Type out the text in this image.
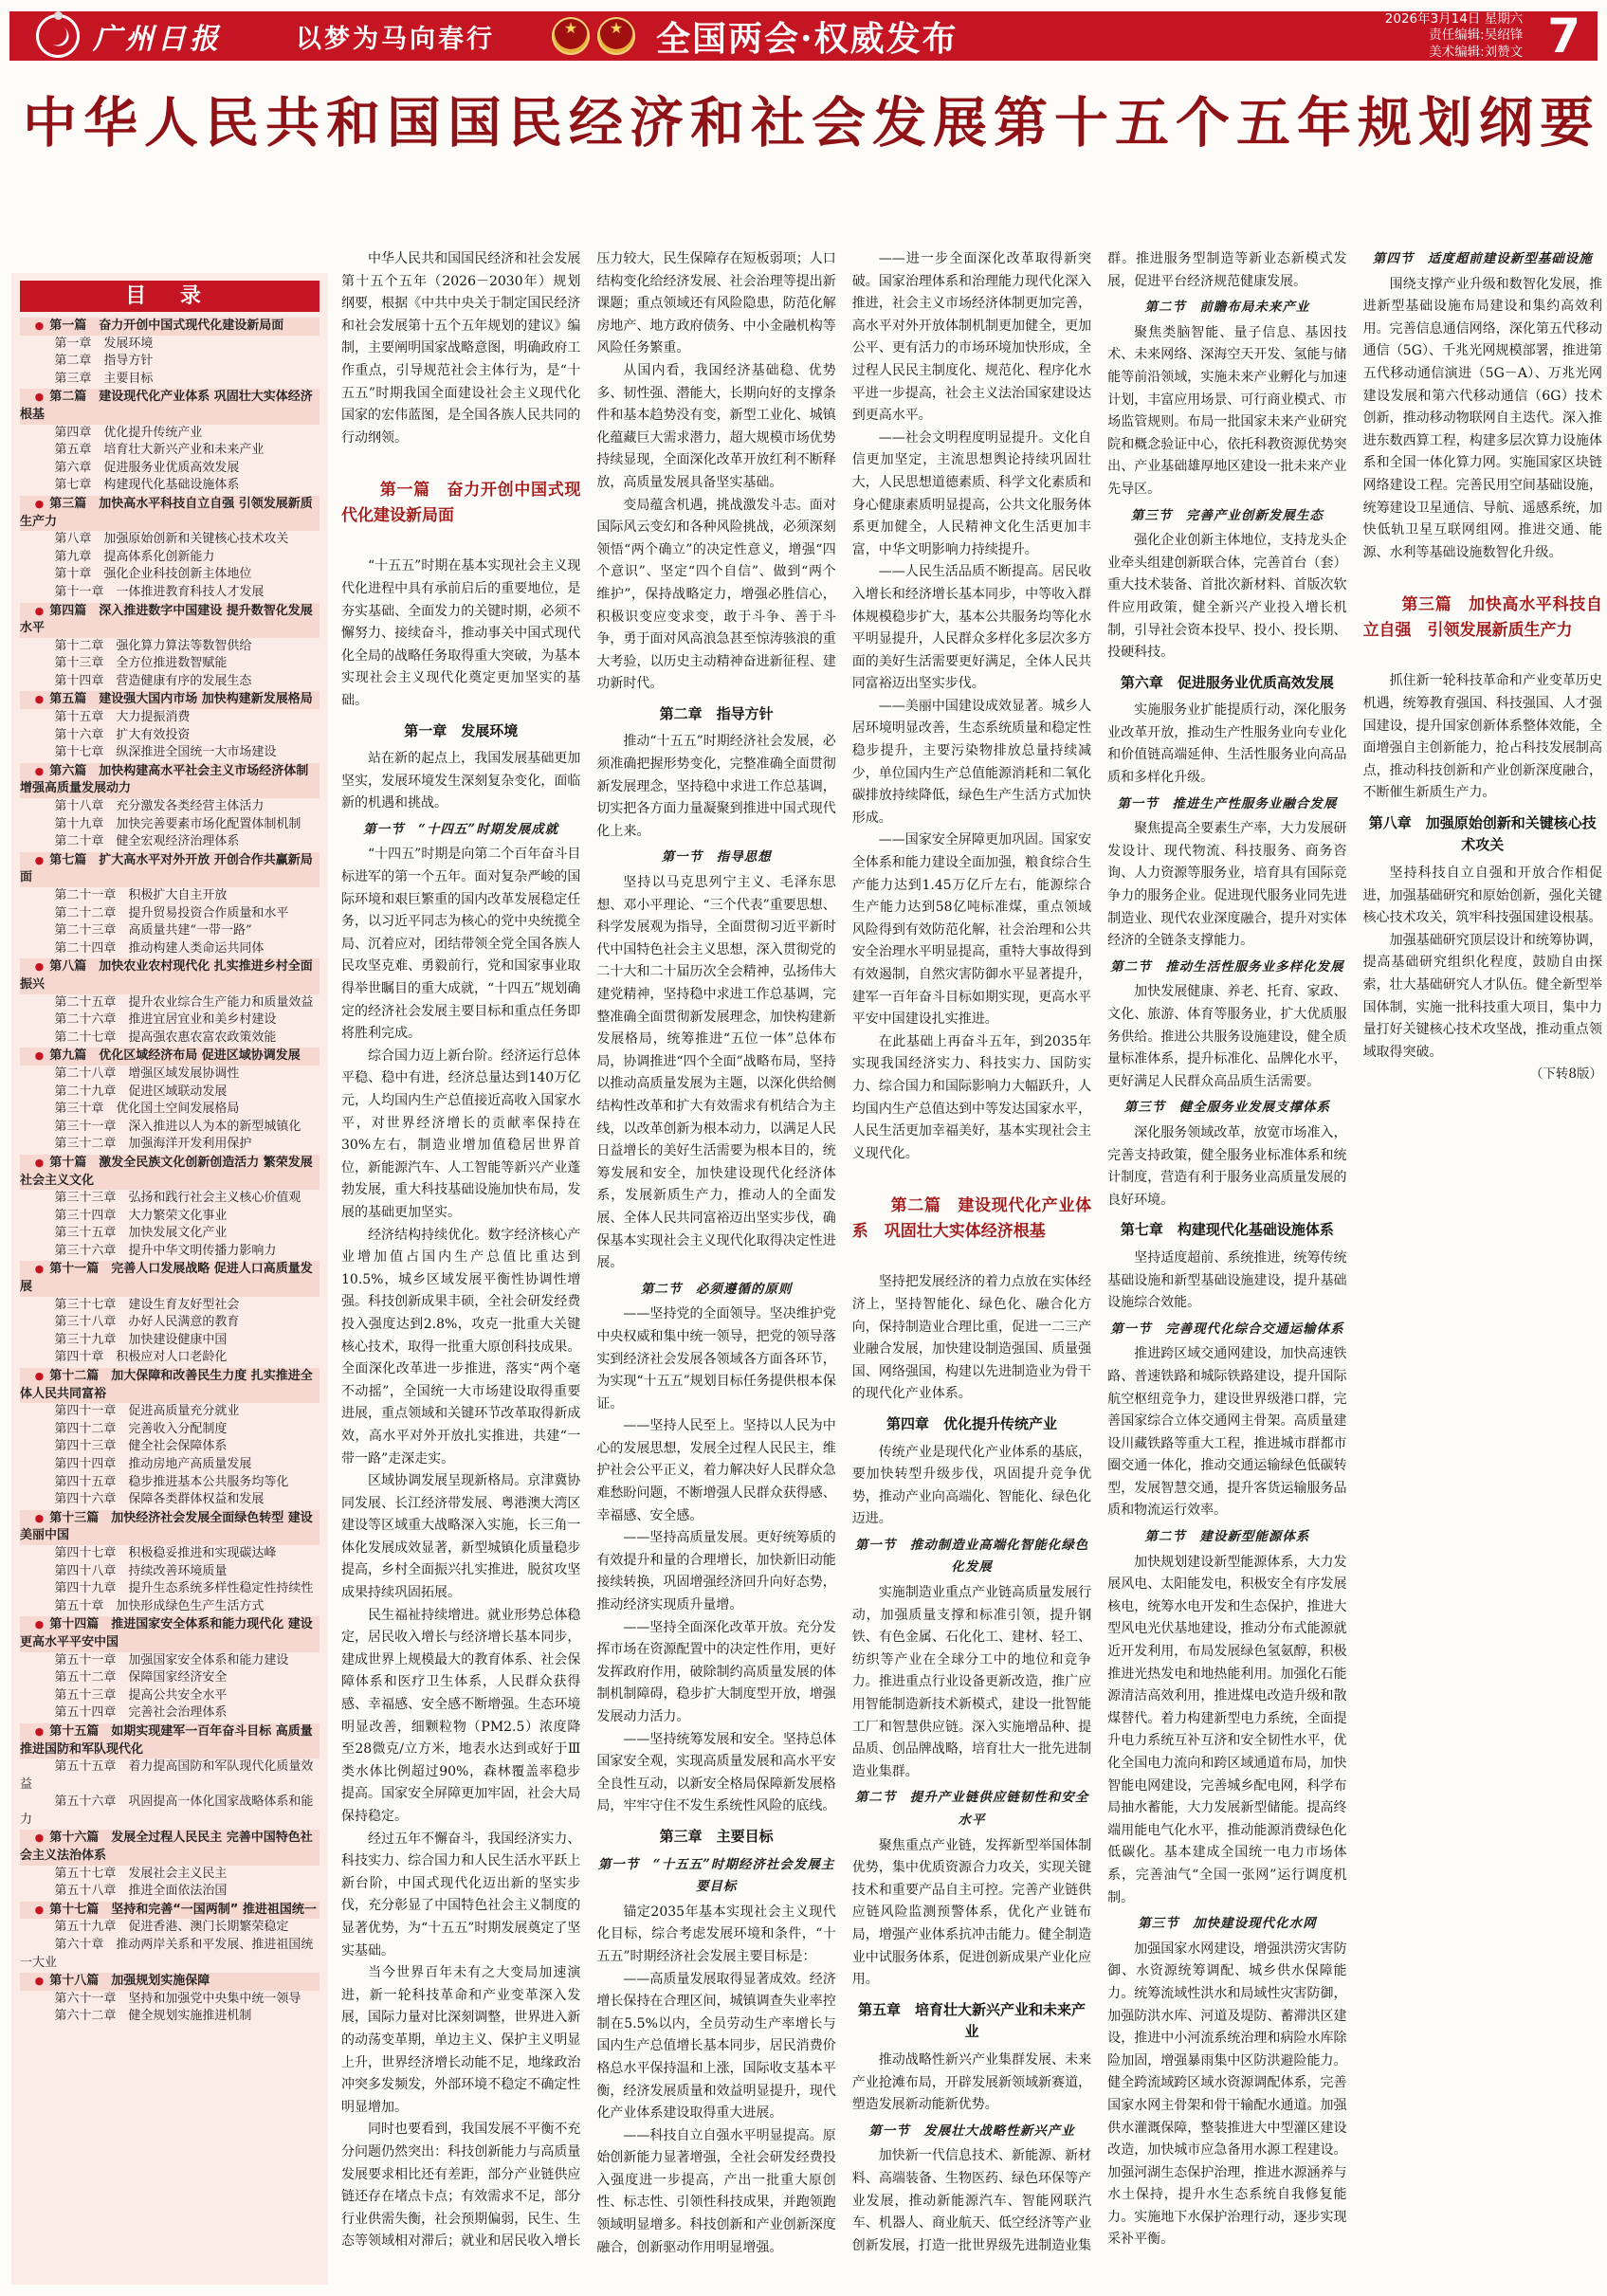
广州日报	以梦为马向春行 ★ ★	全国两会·权威发布	2026年3月14日 星期六
责任编辑:吴绍锋
美术编辑:刘赞文 7
中华人民共和国国民经济和社会发展第十五个五年规划纲要
目 录
● 第一篇　奋力开创中国式现代化建设新局面
第一章　发展环境
第二章　指导方针
第三章　主要目标
● 第二篇　建设现代化产业体系 巩固壮大实体经济根基
第四章　优化提升传统产业
第五章　培育壮大新兴产业和未来产业
第六章　促进服务业优质高效发展
第七章　构建现代化基础设施体系
● 第三篇　加快高水平科技自立自强 引领发展新质生产力
第八章　加强原始创新和关键核心技术攻关
第九章　提高体系化创新能力
第十章　强化企业科技创新主体地位
第十一章　一体推进教育科技人才发展
● 第四篇　深入推进数字中国建设 提升数智化发展水平
第十二章　强化算力算法等数智供给
第十三章　全方位推进数智赋能
第十四章　营造健康有序的发展生态
● 第五篇　建设强大国内市场 加快构建新发展格局
第十五章　大力提振消费
第十六章　扩大有效投资
第十七章　纵深推进全国统一大市场建设
● 第六篇　加快构建高水平社会主义市场经济体制 增强高质量发展动力
第十八章　充分激发各类经营主体活力
第十九章　加快完善要素市场化配置体制机制
第二十章　健全宏观经济治理体系
● 第七篇　扩大高水平对外开放 开创合作共赢新局面
第二十一章　积极扩大自主开放
第二十二章　提升贸易投资合作质量和水平
第二十三章　高质量共建“一带一路”
第二十四章　推动构建人类命运共同体
● 第八篇　加快农业农村现代化 扎实推进乡村全面振兴
第二十五章　提升农业综合生产能力和质量效益
第二十六章　推进宜居宜业和美乡村建设
第二十七章　提高强农惠农富农政策效能
● 第九篇　优化区域经济布局 促进区域协调发展
第二十八章　增强区域发展协调性
第二十九章　促进区域联动发展
第三十章　优化国土空间发展格局
第三十一章　深入推进以人为本的新型城镇化
第三十二章　加强海洋开发利用保护
● 第十篇　激发全民族文化创新创造活力 繁荣发展社会主义文化
第三十三章　弘扬和践行社会主义核心价值观
第三十四章　大力繁荣文化事业
第三十五章　加快发展文化产业
第三十六章　提升中华文明传播力影响力
● 第十一篇　完善人口发展战略 促进人口高质量发展
第三十七章　建设生育友好型社会
第三十八章　办好人民满意的教育
第三十九章　加快建设健康中国
第四十章　积极应对人口老龄化
● 第十二篇　加大保障和改善民生力度 扎实推进全体人民共同富裕
第四十一章　促进高质量充分就业
第四十二章　完善收入分配制度
第四十三章　健全社会保障体系
第四十四章　推动房地产高质量发展
第四十五章　稳步推进基本公共服务均等化
第四十六章　保障各类群体权益和发展
● 第十三篇　加快经济社会发展全面绿色转型 建设美丽中国
第四十七章　积极稳妥推进和实现碳达峰
第四十八章　持续改善环境质量
第四十九章　提升生态系统多样性稳定性持续性
第五十章　加快形成绿色生产生活方式
● 第十四篇　推进国家安全体系和能力现代化 建设更高水平平安中国
第五十一章　加强国家安全体系和能力建设
第五十二章　保障国家经济安全
第五十三章　提高公共安全水平
第五十四章　完善社会治理体系
● 第十五篇　如期实现建军一百年奋斗目标 高质量推进国防和军队现代化
第五十五章　着力提高国防和军队现代化质量效益
第五十六章　巩固提高一体化国家战略体系和能力
● 第十六篇　发展全过程人民民主 完善中国特色社会主义法治体系
第五十七章　发展社会主义民主
第五十八章　推进全面依法治国
● 第十七篇　坚持和完善“一国两制” 推进祖国统一
第五十九章　促进香港、澳门长期繁荣稳定
第六十章　推动两岸关系和平发展、推进祖国统一大业
● 第十八篇　加强规划实施保障
第六十一章　坚持和加强党中央集中统一领导
第六十二章　健全规划实施推进机制

中华人民共和国国民经济和社会发展第十五个五年（2026－2030年）规划纲要，根据《中共中央关于制定国民经济和社会发展第十五个五年规划的建议》编制，主要阐明国家战略意图，明确政府工作重点，引导规范社会主体行为，是“十五五”时期我国全面建设社会主义现代化国家的宏伟蓝图，是全国各族人民共同的行动纲领。

第一篇　奋力开创中国式现代化建设新局面

“十五五”时期在基本实现社会主义现代化进程中具有承前启后的重要地位，是夯实基础、全面发力的关键时期，必须不懈努力、接续奋斗，推动事关中国式现代化全局的战略任务取得重大突破，为基本实现社会主义现代化奠定更加坚实的基础。

第一章　发展环境

站在新的起点上，我国发展基础更加坚实，发展环境发生深刻复杂变化，面临新的机遇和挑战。

第一节　“十四五”时期发展成就

“十四五”时期是向第二个百年奋斗目标进军的第一个五年。面对复杂严峻的国际环境和艰巨繁重的国内改革发展稳定任务，以习近平同志为核心的党中央统揽全局、沉着应对，团结带领全党全国各族人民攻坚克难、勇毅前行，党和国家事业取得举世瞩目的重大成就，“十四五”规划确定的经济社会发展主要目标和重点任务即将胜利完成。

综合国力迈上新台阶。经济运行总体平稳、稳中有进，经济总量达到140万亿元，人均国内生产总值接近高收入国家水平，对世界经济增长的贡献率保持在30%左右，制造业增加值稳居世界首位，新能源汽车、人工智能等新兴产业蓬勃发展，重大科技基础设施加快布局，发展的基础更加坚实。

经济结构持续优化。数字经济核心产业增加值占国内生产总值比重达到10.5%，城乡区域发展平衡性协调性增强。科技创新成果丰硕，全社会研发经费投入强度达到2.8%，攻克一批重大关键核心技术，取得一批重大原创科技成果。全面深化改革进一步推进，落实“两个毫不动摇”，全国统一大市场建设取得重要进展，重点领域和关键环节改革取得新成效，高水平对外开放扎实推进，共建“一带一路”走深走实。

区域协调发展呈现新格局。京津冀协同发展、长江经济带发展、粤港澳大湾区建设等区域重大战略深入实施，长三角一体化发展成效显著，新型城镇化质量稳步提高，乡村全面振兴扎实推进，脱贫攻坚成果持续巩固拓展。

民生福祉持续增进。就业形势总体稳定，居民收入增长与经济增长基本同步，建成世界上规模最大的教育体系、社会保障体系和医疗卫生体系，人民群众获得感、幸福感、安全感不断增强。生态环境明显改善，细颗粒物（PM2.5）浓度降至28微克/立方米，地表水达到或好于Ⅲ类水体比例超过90%，森林覆盖率稳步提高。国家安全屏障更加牢固，社会大局保持稳定。

经过五年不懈奋斗，我国经济实力、科技实力、综合国力和人民生活水平跃上新台阶，中国式现代化迈出新的坚实步伐，充分彰显了中国特色社会主义制度的显著优势，为“十五五”时期发展奠定了坚实基础。

当今世界百年未有之大变局加速演进，新一轮科技革命和产业变革深入发展，国际力量对比深刻调整，世界进入新的动荡变革期，单边主义、保护主义明显上升，世界经济增长动能不足，地缘政治冲突多发频发，外部环境不稳定不确定性明显增加。

同时也要看到，我国发展不平衡不充分问题仍然突出：科技创新能力与高质量发展要求相比还有差距，部分产业链供应链还存在堵点卡点；有效需求不足，部分行业供需失衡，社会预期偏弱，民生、生态等领域相对滞后；就业和居民收入增长压力较大，民生保障存在短板弱项；人口结构变化给经济发展、社会治理等提出新课题；重点领域还有风险隐患，防范化解房地产、地方政府债务、中小金融机构等风险任务繁重。

从国内看，我国经济基础稳、优势多、韧性强、潜能大，长期向好的支撑条件和基本趋势没有变，新型工业化、城镇化蕴藏巨大需求潜力，超大规模市场优势持续显现，全面深化改革开放红利不断释放，高质量发展具备坚实基础。

变局蕴含机遇，挑战激发斗志。面对国际风云变幻和各种风险挑战，必须深刻领悟“两个确立”的决定性意义，增强“四个意识”、坚定“四个自信”、做到“两个维护”，保持战略定力，增强必胜信心，积极识变应变求变，敢于斗争、善于斗争，勇于面对风高浪急甚至惊涛骇浪的重大考验，以历史主动精神奋进新征程、建功新时代。

第二章　指导方针

推动“十五五”时期经济社会发展，必须准确把握形势变化，完整准确全面贯彻新发展理念，坚持稳中求进工作总基调，切实把各方面力量凝聚到推进中国式现代化上来。

第一节　指导思想

坚持以马克思列宁主义、毛泽东思想、邓小平理论、“三个代表”重要思想、科学发展观为指导，全面贯彻习近平新时代中国特色社会主义思想，深入贯彻党的二十大和二十届历次全会精神，弘扬伟大建党精神，坚持稳中求进工作总基调，完整准确全面贯彻新发展理念，加快构建新发展格局，统筹推进“五位一体”总体布局，协调推进“四个全面”战略布局，坚持以推动高质量发展为主题，以深化供给侧结构性改革和扩大有效需求有机结合为主线，以改革创新为根本动力，以满足人民日益增长的美好生活需要为根本目的，统筹发展和安全，加快建设现代化经济体系，发展新质生产力，推动人的全面发展、全体人民共同富裕迈出坚实步伐，确保基本实现社会主义现代化取得决定性进展。

第二节　必须遵循的原则

——坚持党的全面领导。坚决维护党中央权威和集中统一领导，把党的领导落实到经济社会发展各领域各方面各环节，为实现“十五五”规划目标任务提供根本保证。

——坚持人民至上。坚持以人民为中心的发展思想，发展全过程人民民主，维护社会公平正义，着力解决好人民群众急难愁盼问题，不断增强人民群众获得感、幸福感、安全感。

——坚持高质量发展。更好统筹质的有效提升和量的合理增长，加快新旧动能接续转换，巩固增强经济回升向好态势，推动经济实现质升量增。

——坚持全面深化改革开放。充分发挥市场在资源配置中的决定性作用，更好发挥政府作用，破除制约高质量发展的体制机制障碍，稳步扩大制度型开放，增强发展动力活力。

——坚持统筹发展和安全。坚持总体国家安全观，实现高质量发展和高水平安全良性互动，以新安全格局保障新发展格局，牢牢守住不发生系统性风险的底线。

第三章　主要目标
第一节　“十五五”时期经济社会发展主要目标

锚定2035年基本实现社会主义现代化目标，综合考虑发展环境和条件，“十五五”时期经济社会发展主要目标是：

——高质量发展取得显著成效。经济增长保持在合理区间，城镇调查失业率控制在5.5%以内，全员劳动生产率增长与国内生产总值增长基本同步，居民消费价格总水平保持温和上涨，国际收支基本平衡，经济发展质量和效益明显提升，现代化产业体系建设取得重大进展。

——科技自立自强水平明显提高。原始创新能力显著增强，全社会研发经费投入强度进一步提高，产出一批重大原创性、标志性、引领性科技成果，并跑领跑领域明显增多。科技创新和产业创新深度融合，创新驱动作用明显增强。

——进一步全面深化改革取得新突破。国家治理体系和治理能力现代化深入推进，社会主义市场经济体制更加完善，高水平对外开放体制机制更加健全，更加公平、更有活力的市场环境加快形成，全过程人民民主制度化、规范化、程序化水平进一步提高，社会主义法治国家建设达到更高水平。

——社会文明程度明显提升。文化自信更加坚定，主流思想舆论持续巩固壮大，人民思想道德素质、科学文化素质和身心健康素质明显提高，公共文化服务体系更加健全，人民精神文化生活更加丰富，中华文明影响力持续提升。

——人民生活品质不断提高。居民收入增长和经济增长基本同步，中等收入群体规模稳步扩大，基本公共服务均等化水平明显提升，人民群众多样化多层次多方面的美好生活需要更好满足，全体人民共同富裕迈出坚实步伐。

——美丽中国建设成效显著。城乡人居环境明显改善，生态系统质量和稳定性稳步提升，主要污染物排放总量持续减少，单位国内生产总值能源消耗和二氧化碳排放持续降低，绿色生产生活方式加快形成。

——国家安全屏障更加巩固。国家安全体系和能力建设全面加强，粮食综合生产能力达到1.45万亿斤左右，能源综合生产能力达到58亿吨标准煤，重点领域风险得到有效防范化解，社会治理和公共安全治理水平明显提高，重特大事故得到有效遏制，自然灾害防御水平显著提升，建军一百年奋斗目标如期实现，更高水平平安中国建设扎实推进。

在此基础上再奋斗五年，到2035年实现我国经济实力、科技实力、国防实力、综合国力和国际影响力大幅跃升，人均国内生产总值达到中等发达国家水平，人民生活更加幸福美好，基本实现社会主义现代化。

第二篇　建设现代化产业体系　巩固壮大实体经济根基

坚持把发展经济的着力点放在实体经济上，坚持智能化、绿色化、融合化方向，保持制造业合理比重，促进一二三产业融合发展，加快建设制造强国、质量强国、网络强国，构建以先进制造业为骨干的现代化产业体系。

第四章　优化提升传统产业

传统产业是现代化产业体系的基底，要加快转型升级步伐，巩固提升竞争优势，推动产业向高端化、智能化、绿色化迈进。

第一节　推动制造业高端化智能化绿色化发展

实施制造业重点产业链高质量发展行动，加强质量支撑和标准引领，提升钢铁、有色金属、石化化工、建材、轻工、纺织等产业在全球分工中的地位和竞争力。推进重点行业设备更新改造，推广应用智能制造新技术新模式，建设一批智能工厂和智慧供应链。深入实施增品种、提品质、创品牌战略，培育壮大一批先进制造业集群。

第二节　提升产业链供应链韧性和安全水平

聚焦重点产业链，发挥新型举国体制优势，集中优质资源合力攻关，实现关键技术和重要产品自主可控。完善产业链供应链风险监测预警体系，优化产业链布局，增强产业体系抗冲击能力。健全制造业中试服务体系，促进创新成果产业化应用。

第五章　培育壮大新兴产业和未来产业

推动战略性新兴产业集群发展、未来产业抢滩布局，开辟发展新领域新赛道，塑造发展新动能新优势。

第一节　发展壮大战略性新兴产业

加快新一代信息技术、新能源、新材料、高端装备、生物医药、绿色环保等产业发展，推动新能源汽车、智能网联汽车、机器人、商业航天、低空经济等产业创新发展，打造一批世界级先进制造业集群。推进服务型制造等新业态新模式发展，促进平台经济规范健康发展。

第二节　前瞻布局未来产业

聚焦类脑智能、量子信息、基因技术、未来网络、深海空天开发、氢能与储能等前沿领域，实施未来产业孵化与加速计划，丰富应用场景、可行商业模式、市场监管规则。布局一批国家未来产业研究院和概念验证中心，依托科教资源优势突出、产业基础雄厚地区建设一批未来产业先导区。

第三节　完善产业创新发展生态

强化企业创新主体地位，支持龙头企业牵头组建创新联合体，完善首台（套）重大技术装备、首批次新材料、首版次软件应用政策，健全新兴产业投入增长机制，引导社会资本投早、投小、投长期、投硬科技。

第六章　促进服务业优质高效发展

实施服务业扩能提质行动，深化服务业改革开放，推动生产性服务业向专业化和价值链高端延伸、生活性服务业向高品质和多样化升级。

第一节　推进生产性服务业融合发展

聚焦提高全要素生产率，大力发展研发设计、现代物流、科技服务、商务咨询、人力资源等服务业，培育具有国际竞争力的服务企业。促进现代服务业同先进制造业、现代农业深度融合，提升对实体经济的全链条支撑能力。

第二节　推动生活性服务业多样化发展

加快发展健康、养老、托育、家政、文化、旅游、体育等服务业，扩大优质服务供给。推进公共服务设施建设，健全质量标准体系，提升标准化、品牌化水平，更好满足人民群众高品质生活需要。

第三节　健全服务业发展支撑体系

深化服务领域改革，放宽市场准入，完善支持政策，健全服务业标准体系和统计制度，营造有利于服务业高质量发展的良好环境。

第七章　构建现代化基础设施体系

坚持适度超前、系统推进，统筹传统基础设施和新型基础设施建设，提升基础设施综合效能。

第一节　完善现代化综合交通运输体系

推进跨区域交通网建设，加快高速铁路、普速铁路和城际铁路建设，提升国际航空枢纽竞争力，建设世界级港口群，完善国家综合立体交通网主骨架。高质量建设川藏铁路等重大工程，推进城市群都市圈交通一体化，推动交通运输绿色低碳转型，发展智慧交通，提升客货运输服务品质和物流运行效率。

第二节　建设新型能源体系

加快规划建设新型能源体系，大力发展风电、太阳能发电，积极安全有序发展核电，统筹水电开发和生态保护，推进大型风电光伏基地建设，推动分布式能源就近开发利用，布局发展绿色氢氨醇，积极推进光热发电和地热能利用。加强化石能源清洁高效利用，推进煤电改造升级和散煤替代。着力构建新型电力系统，全面提升电力系统互补互济和安全韧性水平，优化全国电力流向和跨区域通道布局，加快智能电网建设，完善城乡配电网，科学布局抽水蓄能，大力发展新型储能。提高终端用能电气化水平，推动能源消费绿色化低碳化。基本建成全国统一电力市场体系，完善油气“全国一张网”运行调度机制。

第三节　加快建设现代化水网

加强国家水网建设，增强洪涝灾害防御、水资源统筹调配、城乡供水保障能力。统筹流域性洪水和局域性灾害防御，加强防洪水库、河道及堤防、蓄滞洪区建设，推进中小河流系统治理和病险水库除险加固，增强暴雨集中区防洪避险能力。健全跨流域跨区域水资源调配体系，完善国家水网主骨架和骨干输配水通道。加强供水灌溉保障，整装推进大中型灌区建设改造，加快城市应急备用水源工程建设。加强河湖生态保护治理，推进水源涵养与水土保持，提升水生态系统自我修复能力。实施地下水保护治理行动，逐步实现采补平衡。

第四节　适度超前建设新型基础设施

围绕支撑产业升级和数智化发展，推进新型基础设施布局建设和集约高效利用。完善信息通信网络，深化第五代移动通信（5G）、千兆光网规模部署，推进第五代移动通信演进（5G－A）、万兆光网建设发展和第六代移动通信（6G）技术创新，推动移动物联网自主迭代。深入推进东数西算工程，构建多层次算力设施体系和全国一体化算力网。实施国家区块链网络建设工程。完善民用空间基础设施，统筹建设卫星通信、导航、遥感系统，加快低轨卫星互联网组网。推进交通、能源、水利等基础设施数智化升级。

第三篇　加快高水平科技自立自强　引领发展新质生产力

抓住新一轮科技革命和产业变革历史机遇，统筹教育强国、科技强国、人才强国建设，提升国家创新体系整体效能，全面增强自主创新能力，抢占科技发展制高点，推动科技创新和产业创新深度融合，不断催生新质生产力。

第八章　加强原始创新和关键核心技术攻关

坚持科技自立自强和开放合作相促进，加强基础研究和原始创新，强化关键核心技术攻关，筑牢科技强国建设根基。

加强基础研究顶层设计和统筹协调，提高基础研究组织化程度，鼓励自由探索，壮大基础研究人才队伍。健全新型举国体制，实施一批科技重大项目，集中力量打好关键核心技术攻坚战，推动重点领域取得突破。

（下转8版）
